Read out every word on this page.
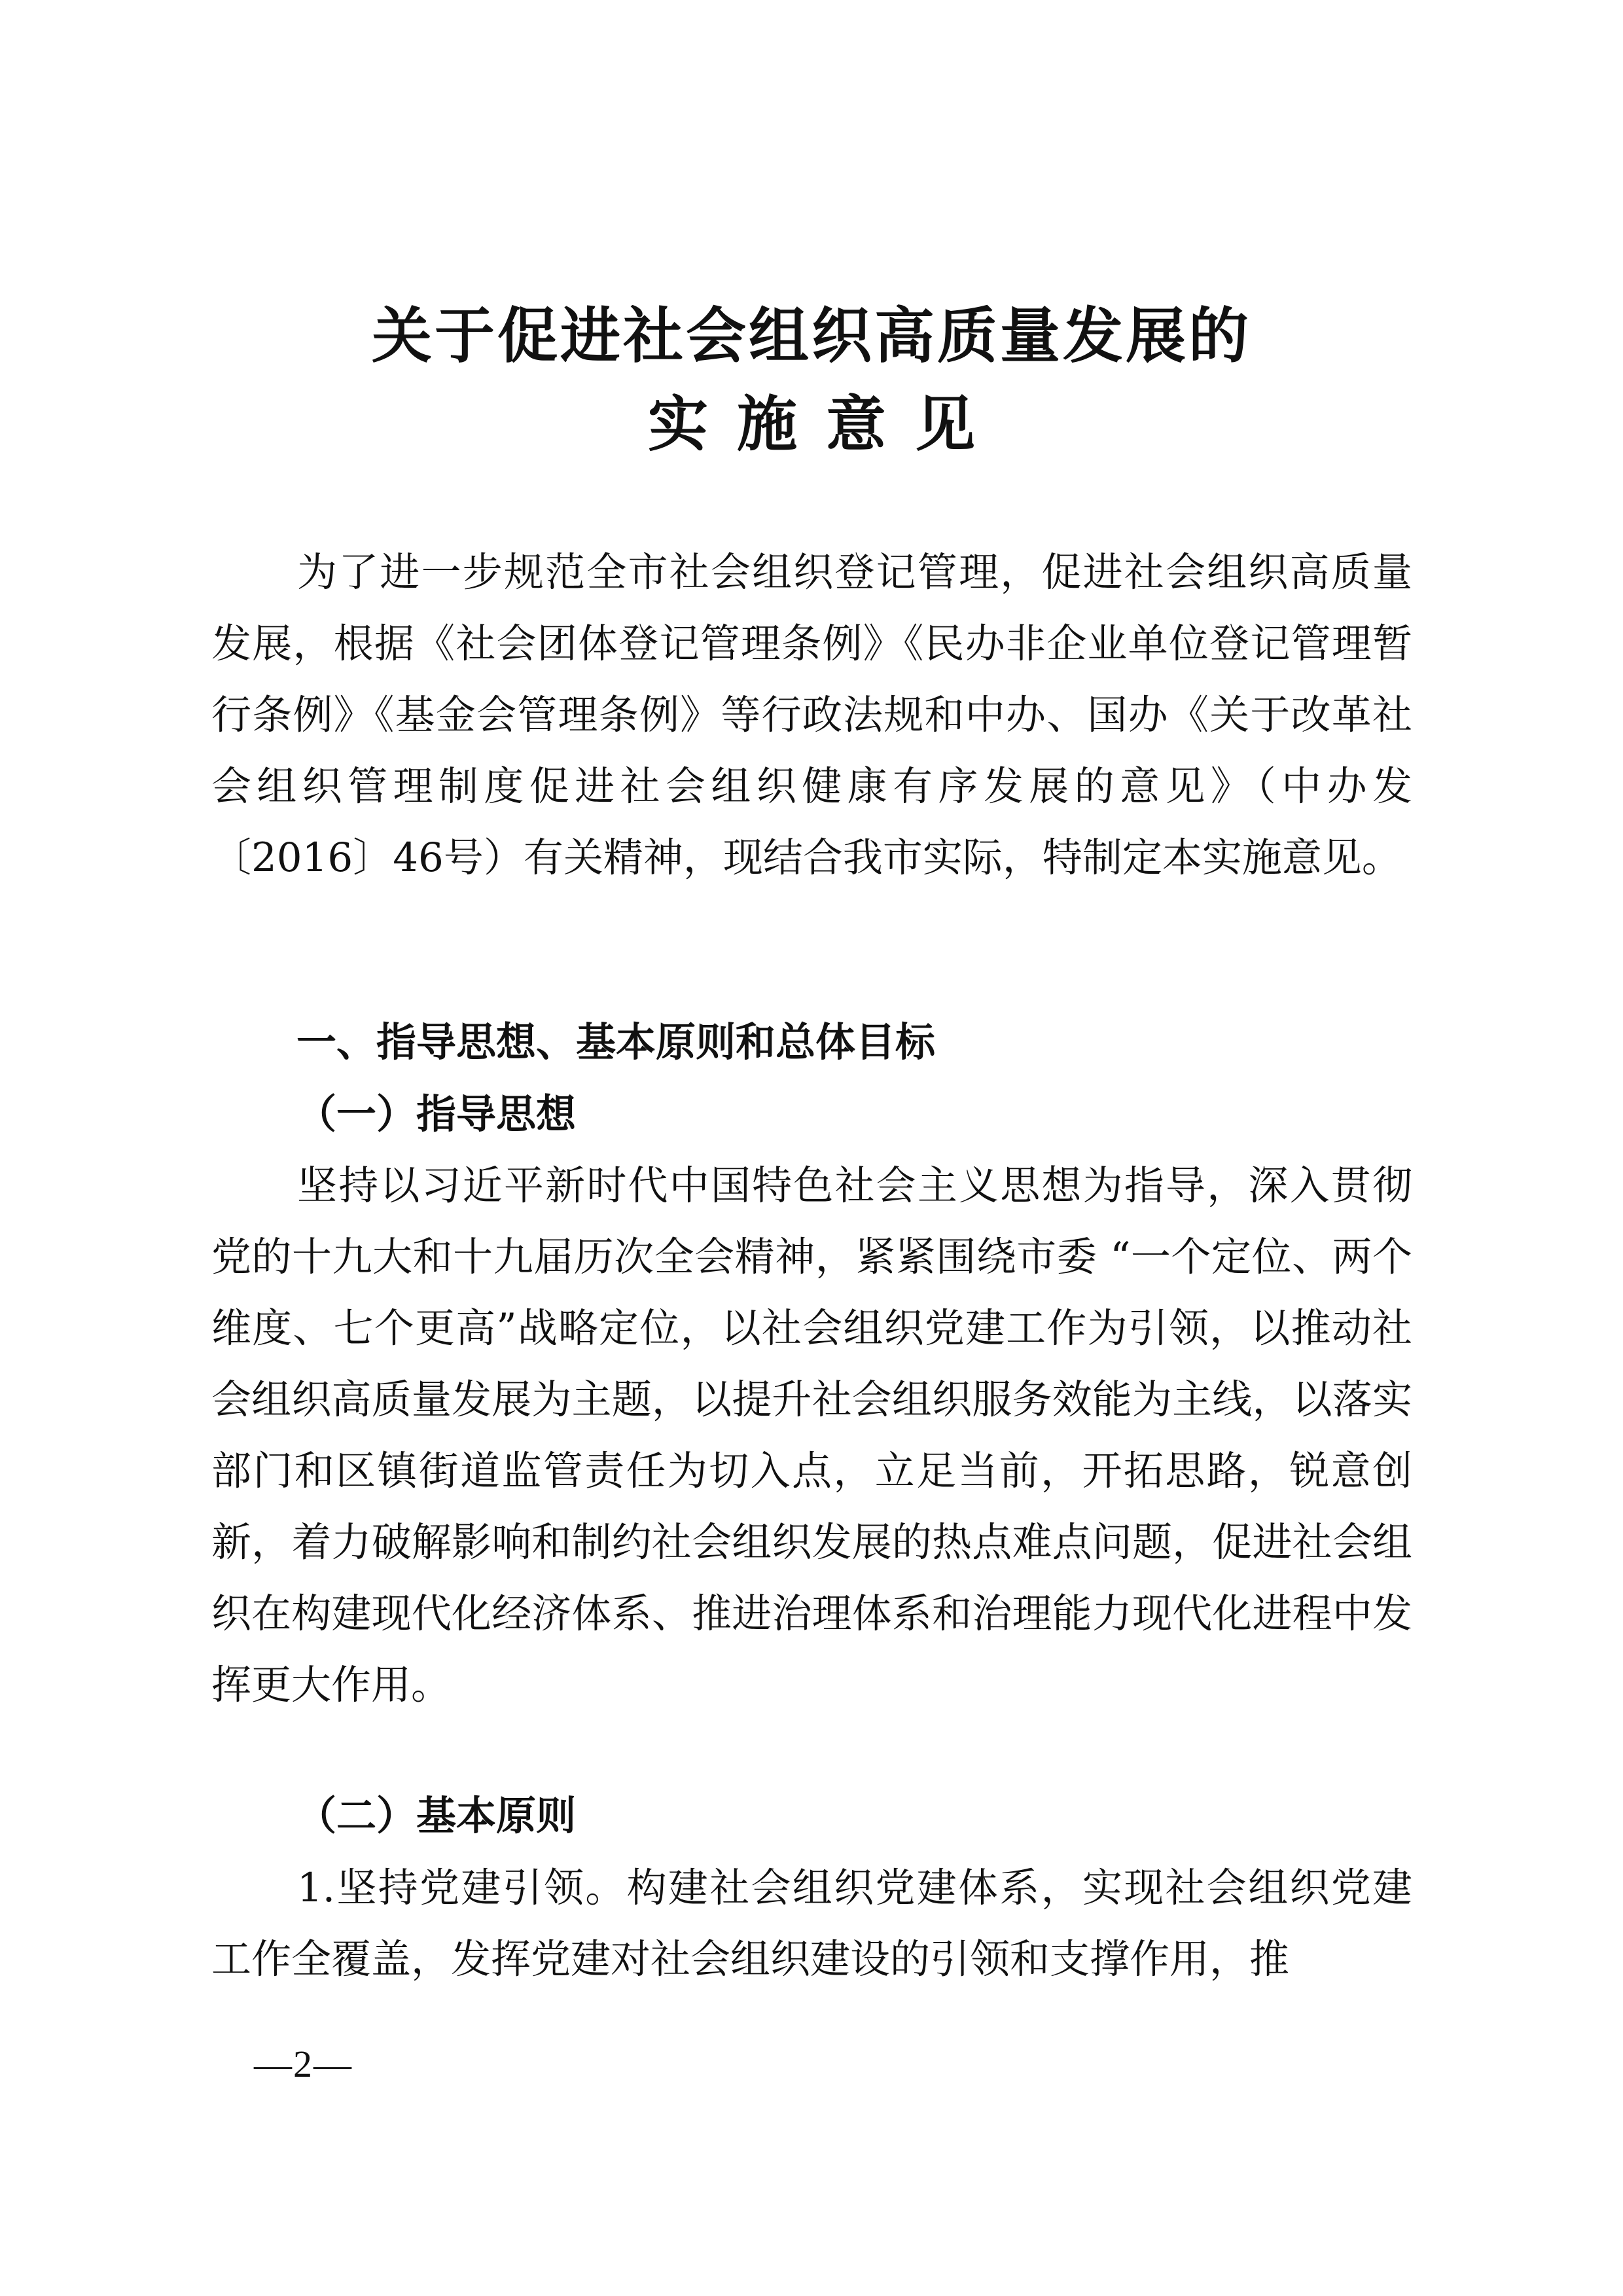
关于促进社会组织高质量发展的
实施意见

为了进一步规范全市社会组织登记管理，促进社会组织高质量发展，根据《社会团体登记管理条例》《民办非企业单位登记管理暂行条例》《基金会管理条例》等行政法规和中办、国办《关于改革社会组织管理制度促进社会组织健康有序发展的意见》（中办发〔2016〕46号）有关精神，现结合我市实际，特制定本实施意见。

一、指导思想、基本原则和总体目标
（一）指导思想

坚持以习近平新时代中国特色社会主义思想为指导，深入贯彻党的十九大和十九届历次全会精神，紧紧围绕市委 “一个定位、两个维度、七个更高”战略定位，以社会组织党建工作为引领，以推动社会组织高质量发展为主题，以提升社会组织服务效能为主线，以落实部门和区镇街道监管责任为切入点，立足当前，开拓思路，锐意创新，着力破解影响和制约社会组织发展的热点难点问题，促进社会组织在构建现代化经济体系、推进治理体系和治理能力现代化进程中发挥更大作用。

（二）基本原则

1.坚持党建引领。构建社会组织党建体系，实现社会组织党建工作全覆盖，发挥党建对社会组织建设的引领和支撑作用，推

—2—
